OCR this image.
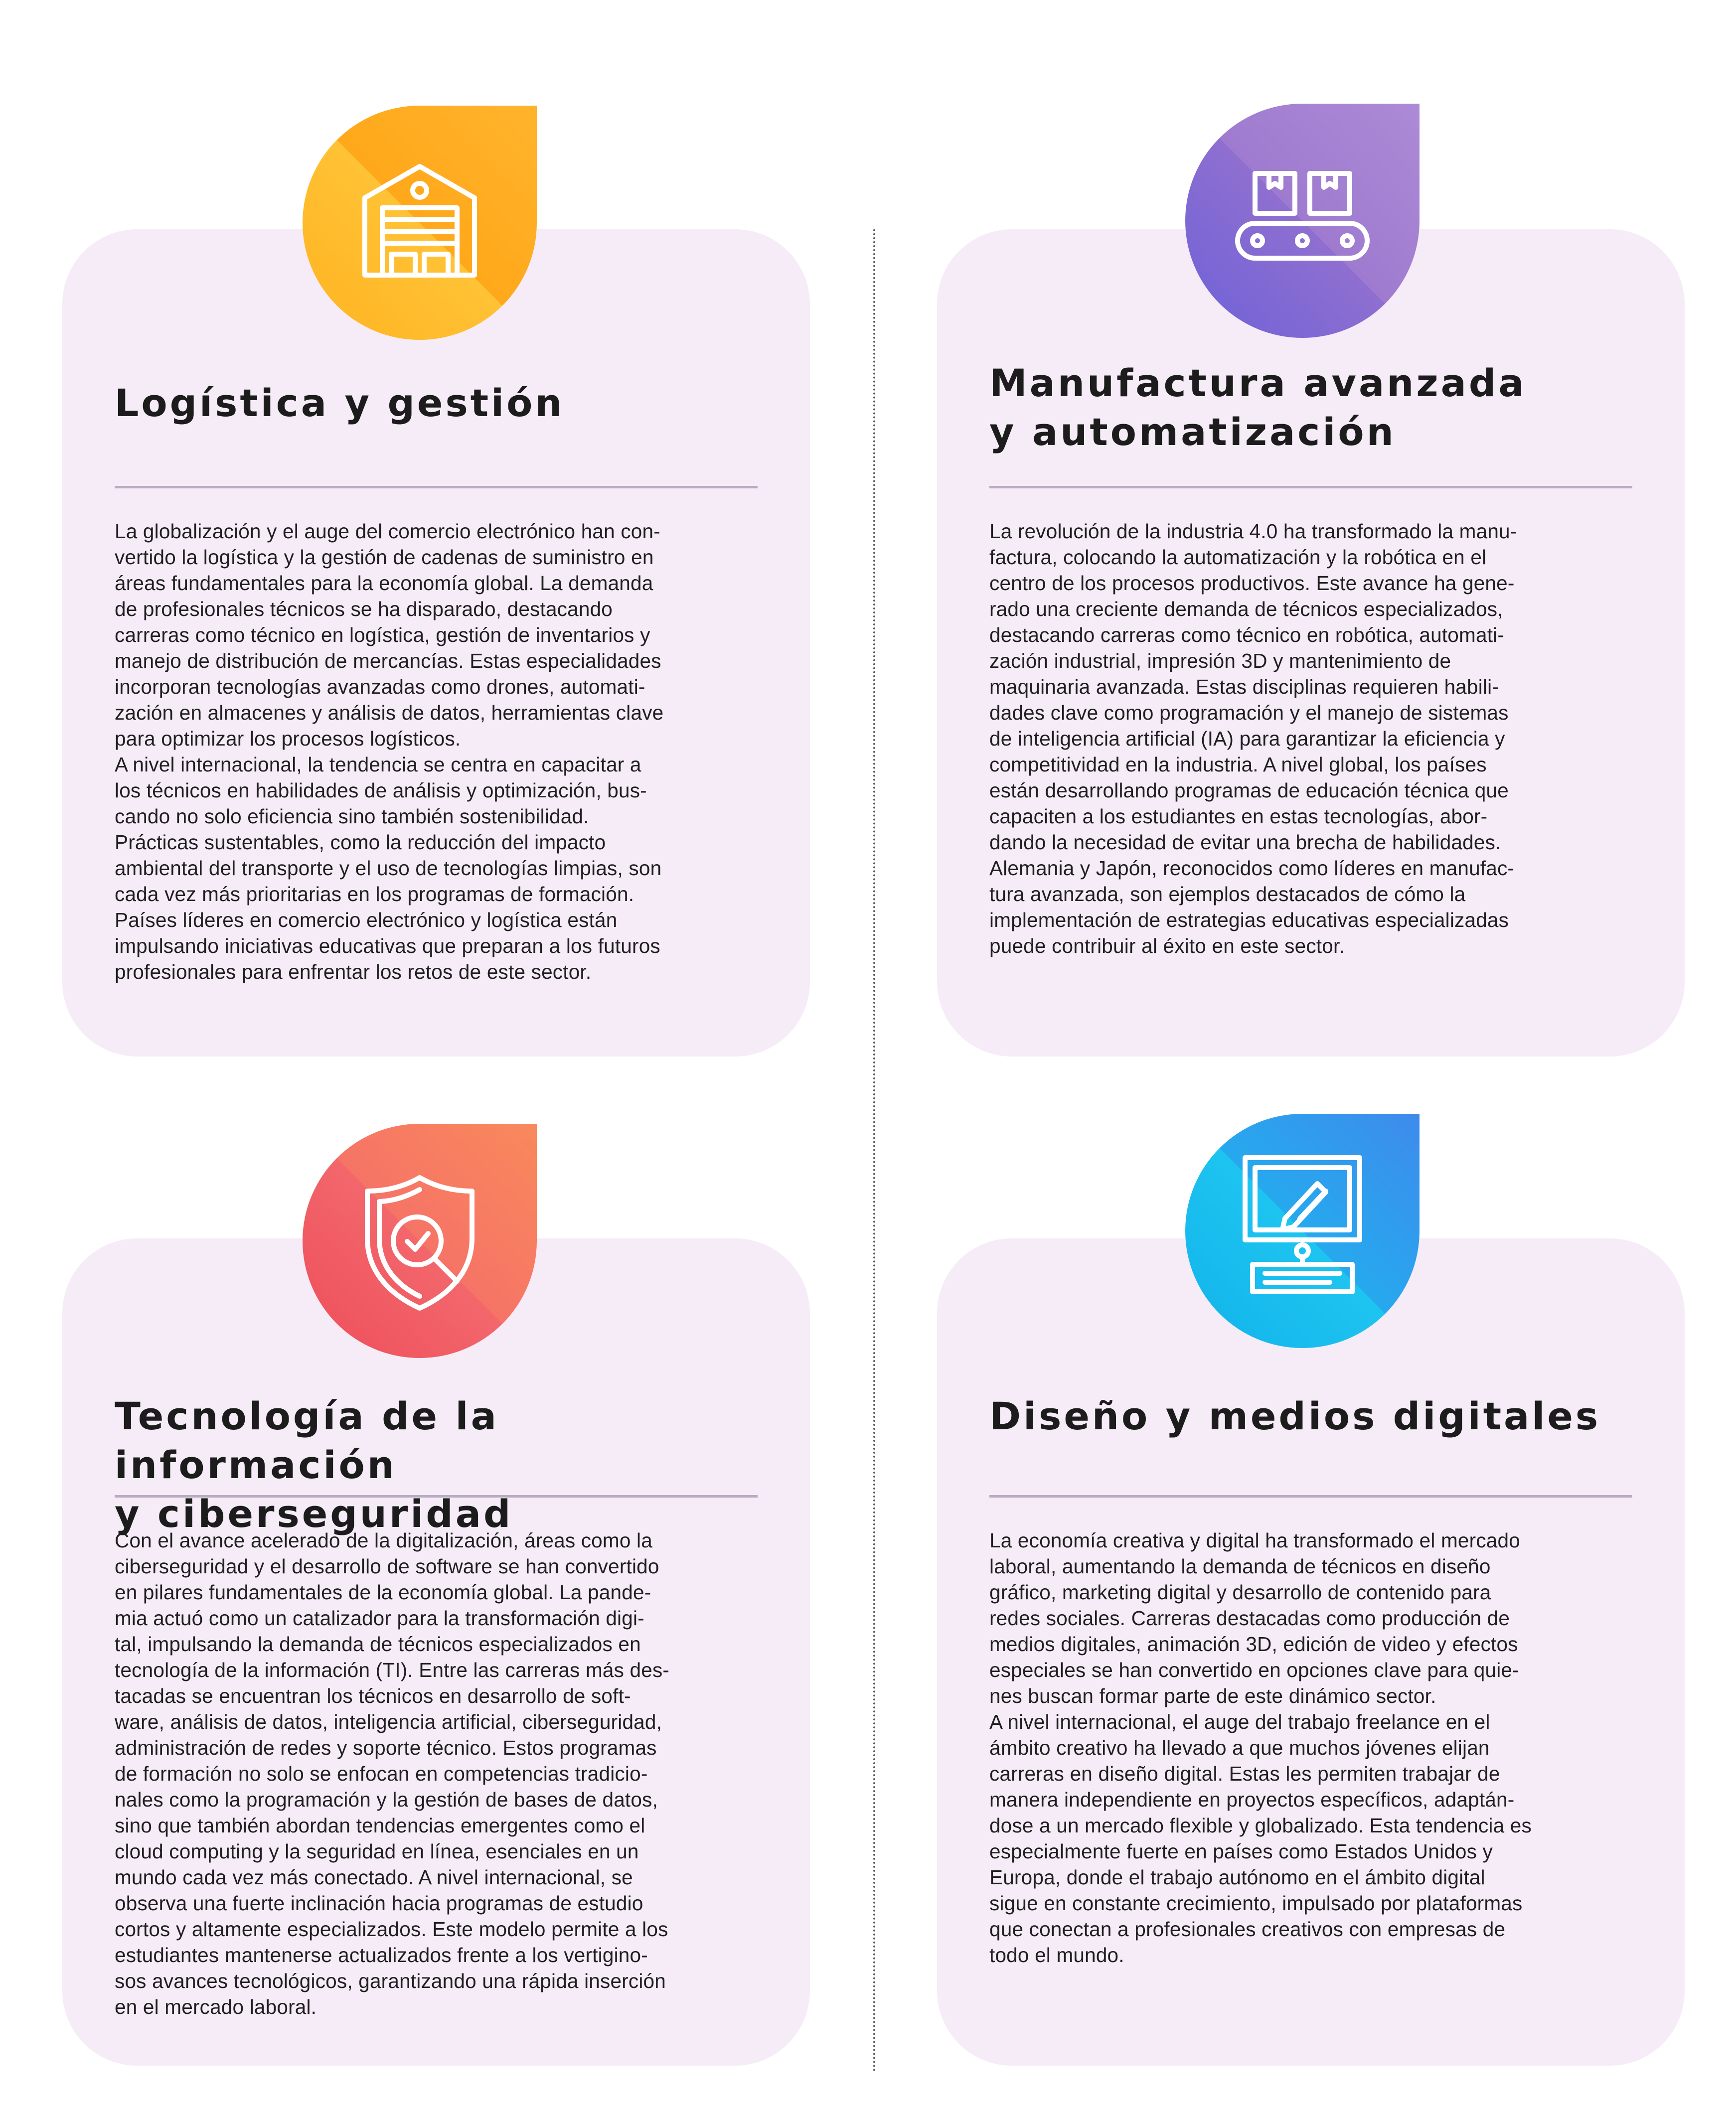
Logística y gestión

La globalización y el auge del comercio electrónico han con-
vertido la logística y la gestión de cadenas de suministro en
áreas fundamentales para la economía global. La demanda
de profesionales técnicos se ha disparado, destacando
carreras como técnico en logística, gestión de inventarios y
manejo de distribución de mercancías. Estas especialidades
incorporan tecnologías avanzadas como drones, automati-
zación en almacenes y análisis de datos, herramientas clave
para optimizar los procesos logísticos.
A nivel internacional, la tendencia se centra en capacitar a
los técnicos en habilidades de análisis y optimización, bus-
cando no solo eficiencia sino también sostenibilidad.
Prácticas sustentables, como la reducción del impacto
ambiental del transporte y el uso de tecnologías limpias, son
cada vez más prioritarias en los programas de formación.
Países líderes en comercio electrónico y logística están
impulsando iniciativas educativas que preparan a los futuros
profesionales para enfrentar los retos de este sector.

Manufactura avanzada
y automatización

La revolución de la industria 4.0 ha transformado la manu-
factura, colocando la automatización y la robótica en el
centro de los procesos productivos. Este avance ha gene-
rado una creciente demanda de técnicos especializados,
destacando carreras como técnico en robótica, automati-
zación industrial, impresión 3D y mantenimiento de
maquinaria avanzada. Estas disciplinas requieren habili-
dades clave como programación y el manejo de sistemas
de inteligencia artificial (IA) para garantizar la eficiencia y
competitividad en la industria. A nivel global, los países
están desarrollando programas de educación técnica que
capaciten a los estudiantes en estas tecnologías, abor-
dando la necesidad de evitar una brecha de habilidades.
Alemania y Japón, reconocidos como líderes en manufac-
tura avanzada, son ejemplos destacados de cómo la
implementación de estrategias educativas especializadas
puede contribuir al éxito en este sector.

Tecnología de la información
y ciberseguridad

Con el avance acelerado de la digitalización, áreas como la
ciberseguridad y el desarrollo de software se han convertido
en pilares fundamentales de la economía global. La pande-
mia actuó como un catalizador para la transformación digi-
tal, impulsando la demanda de técnicos especializados en
tecnología de la información (TI). Entre las carreras más des-
tacadas se encuentran los técnicos en desarrollo de soft-
ware, análisis de datos, inteligencia artificial, ciberseguridad,
administración de redes y soporte técnico. Estos programas
de formación no solo se enfocan en competencias tradicio-
nales como la programación y la gestión de bases de datos,
sino que también abordan tendencias emergentes como el
cloud computing y la seguridad en línea, esenciales en un
mundo cada vez más conectado. A nivel internacional, se
observa una fuerte inclinación hacia programas de estudio
cortos y altamente especializados. Este modelo permite a los
estudiantes mantenerse actualizados frente a los vertigino-
sos avances tecnológicos, garantizando una rápida inserción
en el mercado laboral.

Diseño y medios digitales

La economía creativa y digital ha transformado el mercado
laboral, aumentando la demanda de técnicos en diseño
gráfico, marketing digital y desarrollo de contenido para
redes sociales. Carreras destacadas como producción de
medios digitales, animación 3D, edición de video y efectos
especiales se han convertido en opciones clave para quie-
nes buscan formar parte de este dinámico sector.
A nivel internacional, el auge del trabajo freelance en el
ámbito creativo ha llevado a que muchos jóvenes elijan
carreras en diseño digital. Estas les permiten trabajar de
manera independiente en proyectos específicos, adaptán-
dose a un mercado flexible y globalizado. Esta tendencia es
especialmente fuerte en países como Estados Unidos y
Europa, donde el trabajo autónomo en el ámbito digital
sigue en constante crecimiento, impulsado por plataformas
que conectan a profesionales creativos con empresas de
todo el mundo.
